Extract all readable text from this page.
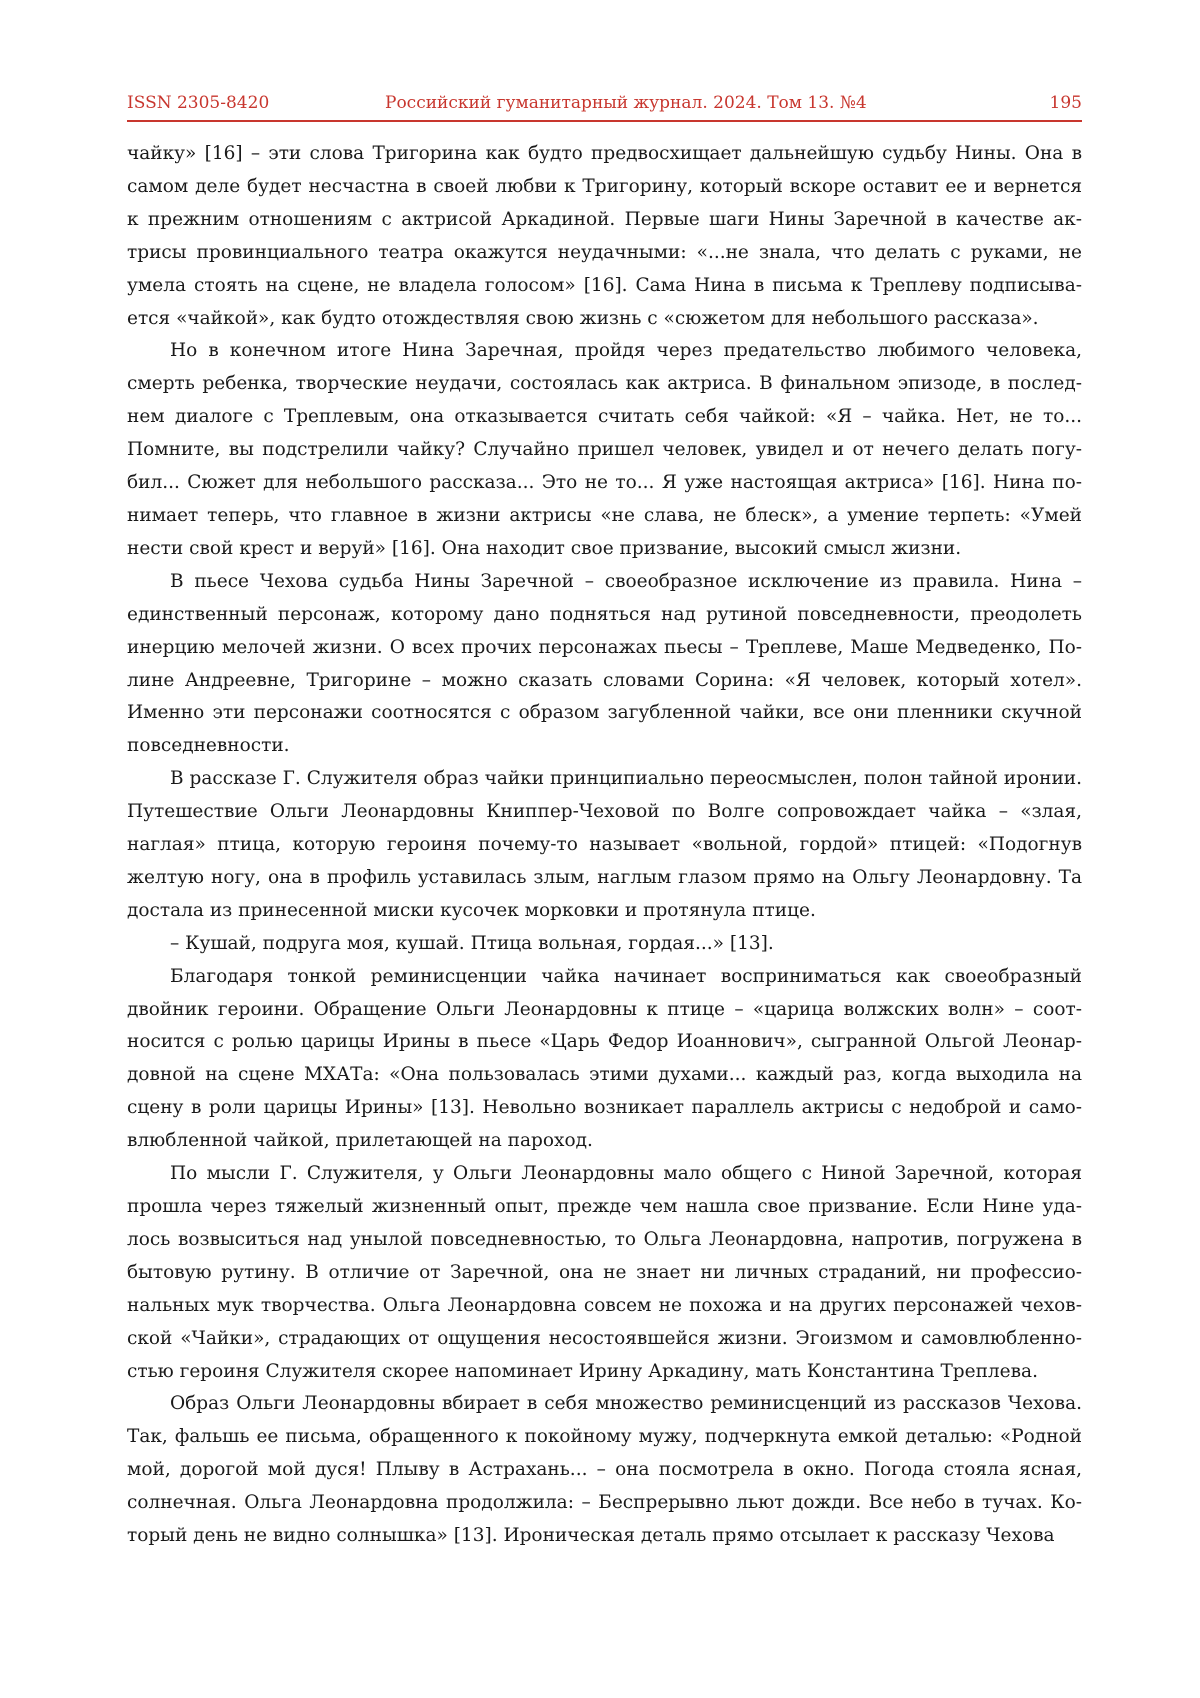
ISSN 2305-8420	Российский гуманитарный журнал. 2024. Том 13. №4	195

чайку» [16] – эти слова Тригорина как будто предвосхищает дальнейшую судьбу Нины. Она в самом деле будет несчастна в своей любви к Тригорину, который вскоре оставит ее и вернется к прежним отношениям с актрисой Аркадиной. Первые шаги Нины Заречной в качестве актрисы провинциального театра окажутся неудачными: «...не знала, что делать с руками, не умела стоять на сцене, не владела голосом» [16]. Сама Нина в письма к Треплеву подписывается «чайкой», как будто отождествляя свою жизнь с «сюжетом для небольшого рассказа».

Но в конечном итоге Нина Заречная, пройдя через предательство любимого человека, смерть ребенка, творческие неудачи, состоялась как актриса. В финальном эпизоде, в последнем диалоге с Треплевым, она отказывается считать себя чайкой: «Я – чайка. Нет, не то... Помните, вы подстрелили чайку? Случайно пришел человек, увидел и от нечего делать погубил... Сюжет для небольшого рассказа... Это не то... Я уже настоящая актриса» [16]. Нина понимает теперь, что главное в жизни актрисы «не слава, не блеск», а умение терпеть: «Умей нести свой крест и веруй» [16]. Она находит свое призвание, высокий смысл жизни.

В пьесе Чехова судьба Нины Заречной – своеобразное исключение из правила. Нина – единственный персонаж, которому дано подняться над рутиной повседневности, преодолеть инерцию мелочей жизни. О всех прочих персонажах пьесы – Треплеве, Маше Медведенко, Полине Андреевне, Тригорине – можно сказать словами Сорина: «Я человек, который хотел». Именно эти персонажи соотносятся с образом загубленной чайки, все они пленники скучной повседневности.

В рассказе Г. Служителя образ чайки принципиально переосмыслен, полон тайной иронии. Путешествие Ольги Леонардовны Книппер-Чеховой по Волге сопровождает чайка – «злая, наглая» птица, которую героиня почему-то называет «вольной, гордой» птицей: «Подогнув желтую ногу, она в профиль уставилась злым, наглым глазом прямо на Ольгу Леонардовну. Та достала из принесенной миски кусочек морковки и протянула птице.

– Кушай, подруга моя, кушай. Птица вольная, гордая...» [13].

Благодаря тонкой реминисценции чайка начинает восприниматься как своеобразный двойник героини. Обращение Ольги Леонардовны к птице – «царица волжских волн» – соотносится с ролью царицы Ирины в пьесе «Царь Федор Иоаннович», сыгранной Ольгой Леонардовной на сцене МХАТа: «Она пользовалась этими духами... каждый раз, когда выходила на сцену в роли царицы Ирины» [13]. Невольно возникает параллель актрисы с недоброй и самовлюбленной чайкой, прилетающей на пароход.

По мысли Г. Служителя, у Ольги Леонардовны мало общего с Ниной Заречной, которая прошла через тяжелый жизненный опыт, прежде чем нашла свое призвание. Если Нине удалось возвыситься над унылой повседневностью, то Ольга Леонардовна, напротив, погружена в бытовую рутину. В отличие от Заречной, она не знает ни личных страданий, ни профессиональных мук творчества. Ольга Леонардовна совсем не похожа и на других персонажей чеховской «Чайки», страдающих от ощущения несостоявшейся жизни. Эгоизмом и самовлюбленностью героиня Служителя скорее напоминает Ирину Аркадину, мать Константина Треплева.

Образ Ольги Леонардовны вбирает в себя множество реминисценций из рассказов Чехова. Так, фальшь ее письма, обращенного к покойному мужу, подчеркнута емкой деталью: «Родной мой, дорогой мой дуся! Плыву в Астрахань... – она посмотрела в окно. Погода стояла ясная, солнечная. Ольга Леонардовна продолжила: – Беспрерывно льют дожди. Все небо в тучах. Который день не видно солнышка» [13]. Ироническая деталь прямо отсылает к рассказу Чехова
